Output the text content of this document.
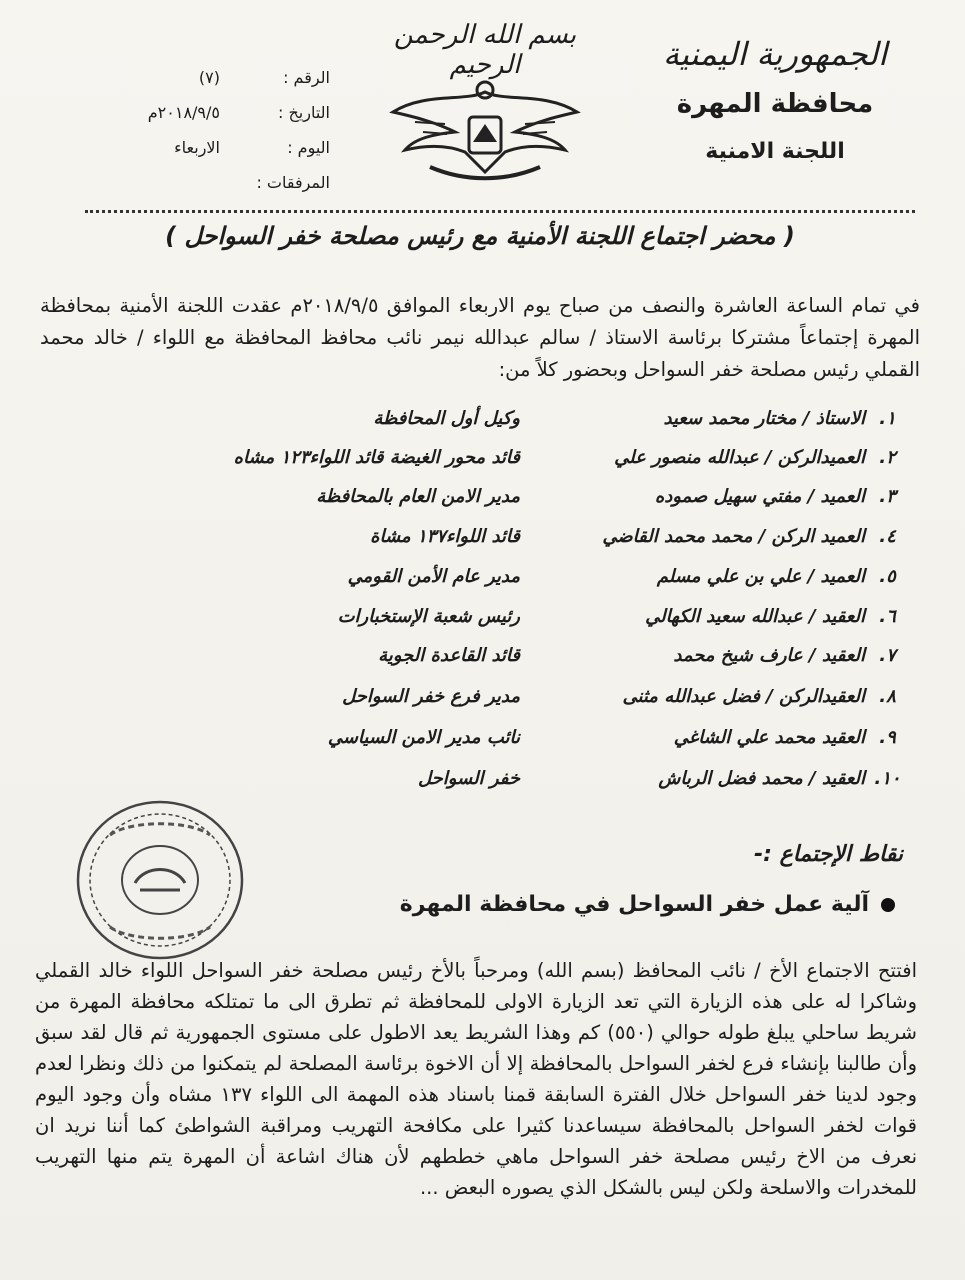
الجمهورية اليمنية
محافظة المهرة
اللجنة الامنية
بسم الله الرحمن الرحيم
الرقم :(٧)
التاريخ :٢٠١٨/٩/٥م
اليوم :الاربعاء
المرفقات :
( محضر اجتماع اللجنة الأمنية مع رئيس مصلحة خفر السواحل )
في تمام الساعة العاشرة والنصف من صباح يوم الاربعاء الموافق ٢٠١٨/٩/٥م عقدت اللجنة الأمنية بمحافظة المهرة إجتماعاً مشتركا برئاسة الاستاذ / سالم عبدالله نيمر نائب محافظ المحافظة مع اللواء / خالد محمد القملي رئيس مصلحة خفر السواحل وبحضور كلاً من:
١.
الاستاذ / مختار محمد سعيد
وكيل أول المحافظة
٢.
العميدالركن / عبدالله منصور علي
قائد محور الغيضة قائد اللواء١٢٣ مشاه
٣.
العميد / مفتي سهيل صموده
مدير الامن العام بالمحافظة
٤.
العميد الركن / محمد محمد القاضي
قائد اللواء١٣٧ مشاة
٥.
العميد / علي بن علي مسلم
مدير عام الأمن القومي
٦.
العقيد / عبدالله سعيد الكهالي
رئيس شعبة الإستخبارات
٧.
العقيد / عارف شيخ محمد
قائد القاعدة الجوية
٨.
العقيدالركن / فضل عبدالله مثنى
مدير فرع خفر السواحل
٩.
العقيد محمد علي الشاغي
نائب مدير الامن السياسي
١٠.
العقيد / محمد فضل الرباش
خفر السواحل
نقاط الإجتماع :-
آلية عمل خفر السواحل في محافظة المهرة
افتتح الاجتماع الأخ / نائب المحافظ (بسم الله) ومرحباً بالأخ رئيس مصلحة خفر السواحل اللواء خالد القملي وشاكرا له على هذه الزيارة التي تعد الزيارة الاولى للمحافظة ثم تطرق الى ما تمتلكه محافظة المهرة من شريط ساحلي يبلغ طوله حوالي (٥٥٠) كم وهذا الشريط يعد الاطول على مستوى الجمهورية ثم قال لقد سبق وأن طالبنا بإنشاء فرع لخفر السواحل بالمحافظة إلا أن الاخوة برئاسة المصلحة لم يتمكنوا من ذلك ونظرا لعدم وجود لدينا خفر السواحل خلال الفترة السابقة قمنا باسناد هذه المهمة الى اللواء ١٣٧ مشاه وأن وجود اليوم قوات لخفر السواحل بالمحافظة سيساعدنا كثيرا على مكافحة التهريب ومراقبة الشواطئ كما أننا نريد ان نعرف من الاخ رئيس مصلحة خفر السواحل ماهي خططهم لأن هناك اشاعة أن المهرة يتم منها التهريب للمخدرات والاسلحة ولكن ليس بالشكل الذي يصوره البعض ...
